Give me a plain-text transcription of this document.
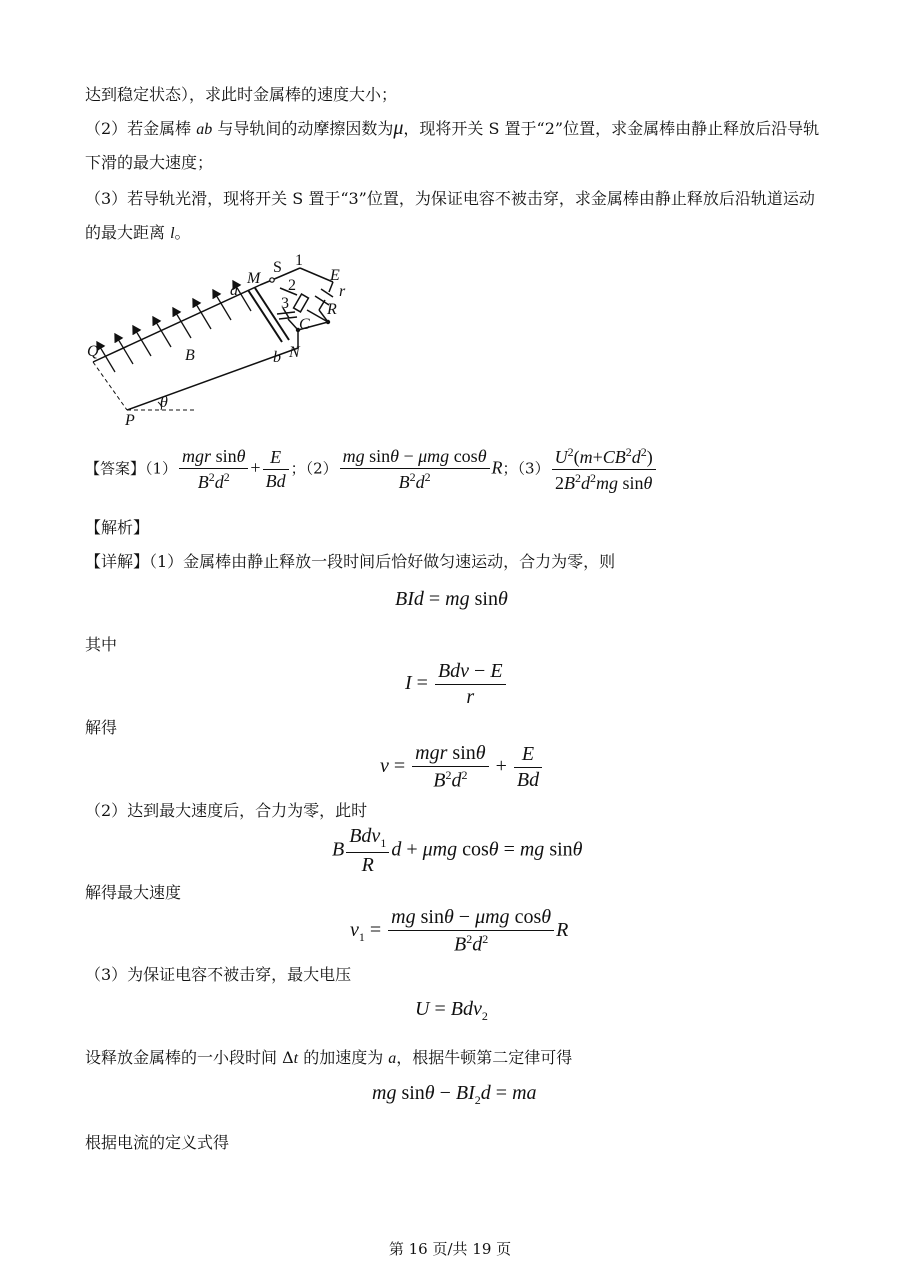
达到稳定状态），求此时金属棒的速度大小；
（2）若金属棒 ab 与导轨间的动摩擦因数为μ，现将开关 S 置于“2”位置，求金属棒由静止释放后沿导轨
下滑的最大速度；
（3）若导轨光滑，现将开关 S 置于“3”位置，为保证电容不被击穿，求金属棒由静止释放后沿轨道运动
的最大距离 l。
M
S
a
1
2
3
E
r
R
C
Q	B	b N
P
θ
【答案】$(1) \frac{\text{mgr sinθ}}{B^2d^2} + \frac{E}{Bd}$ ；$(2) \frac{\text{mg sinθ − μmg cosθ}}{B^2d^2}$ R；$(3) \frac{U^2(m+CB^2d^2)}{2B^2d^2mg \sin\theta}$
【解析】
【详解】（1）金属棒由静止释放一段时间后恰好做匀速运动，合力为零，则
BId = mg sinθ
其中
$I = \frac{\text{Bdv − E}}{r}$
解得
$v = \frac{\text{mgr sinθ}}{B^2d^2} + \frac{E}{Bd}$
（2）达到最大速度后，合力为零，此时
B $\frac{Bdv_1}{R}$ d + μmg cosθ = mg sinθ
解得最大速度
$v_1 = \frac{\text{mg sinθ − μmg cosθ}}{B^2d^2}$ R
（3）为保证电容不被击穿，最大电压
U = Bdv$_2$
设释放金属棒的一小段时间 Δt 的加速度为 a，根据牛顿第二定律可得
mg $\sin\theta - BI_2d$ = ma
根据电流的定义式得
第 16 页/共 19 页
